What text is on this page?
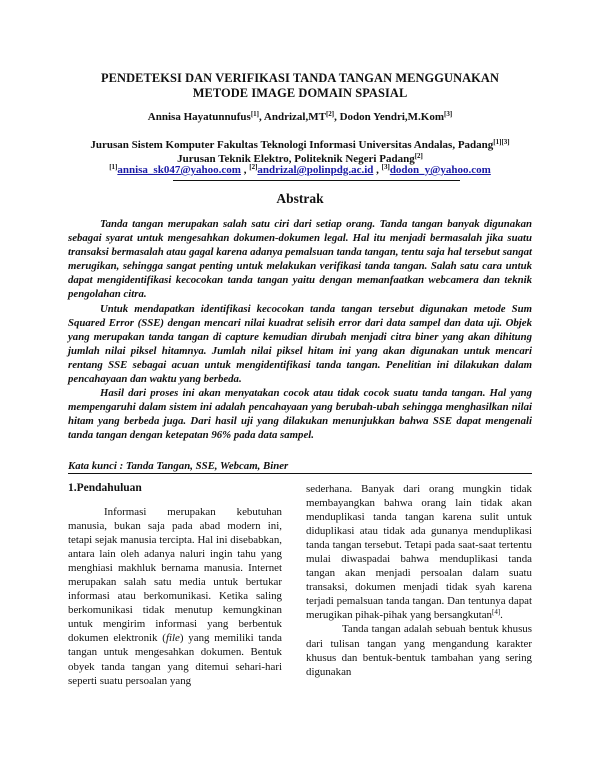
PENDETEKSI DAN VERIFIKASI TANDA TANGAN MENGGUNAKAN
METODE IMAGE DOMAIN SPASIAL
Annisa Hayatunnufus[1], Andrizal,MT[2], Dodon Yendri,M.Kom[3]
Jurusan Sistem Komputer Fakultas Teknologi Informasi Universitas Andalas, Padang[1][3]
Jurusan Teknik Elektro, Politeknik Negeri Padang[2]
[1]annisa_sk047@yahoo.com , [2]andrizal@polinpdg.ac.id , [3]dodon_y@yahoo.com
Abstrak

Tanda tangan merupakan salah satu ciri dari setiap orang. Tanda tangan banyak digunakan sebagai syarat untuk mengesahkan dokumen-dokumen legal. Hal itu menjadi bermasalah jika suatu transaksi bermasalah atau gagal karena adanya pemalsuan tanda tangan, tentu saja hal tersebut sangat merugikan, sehingga sangat penting untuk melakukan verifikasi tanda tangan. Salah satu cara untuk dapat mengidentifikasi kecocokan tanda tangan yaitu dengan memanfaatkan webcamera dan teknik pengolahan citra.

Untuk mendapatkan identifikasi kecocokan tanda tangan tersebut digunakan metode Sum Squared Error (SSE) dengan mencari nilai kuadrat selisih error dari data sampel dan data uji. Objek yang merupakan tanda tangan di capture kemudian dirubah menjadi citra biner yang akan dihitung jumlah nilai piksel hitamnya. Jumlah nilai piksel hitam ini yang akan digunakan untuk mencari rentang SSE sebagai acuan untuk mengidentifikasi tanda tangan. Penelitian ini dilakukan dalam pencahayaan dan waktu yang berbeda.

Hasil dari proses ini akan menyatakan cocok atau tidak cocok suatu tanda tangan. Hal yang mempengaruhi dalam sistem ini adalah pencahayaan yang berubah-ubah sehingga menghasilkan nilai hitam yang berbeda juga. Dari hasil uji yang dilakukan menunjukkan bahwa SSE dapat mengenali tanda tangan dengan ketepatan 96% pada data sampel.

Kata kunci : Tanda Tangan, SSE, Webcam, Biner
1.Pendahuluan

Informasi merupakan kebutuhan manusia, bukan saja pada abad modern ini, tetapi sejak manusia tercipta. Hal ini disebabkan, antara lain oleh adanya naluri ingin tahu yang menghiasi makhluk bernama manusia. Internet merupakan salah satu media untuk bertukar informasi atau berkomunikasi. Ketika saling berkomunikasi tidak menutup kemungkinan untuk mengirim informasi yang berbentuk dokumen elektronik (file) yang memiliki tanda tangan untuk mengesahkan dokumen. Bentuk obyek tanda tangan yang ditemui sehari-hari seperti suatu persoalan yang

sederhana. Banyak dari orang mungkin tidak membayangkan bahwa orang lain tidak akan menduplikasi tanda tangan karena sulit untuk diduplikasi atau tidak ada gunanya menduplikasi tanda tangan tersebut. Tetapi pada saat-saat tertentu mulai diwaspadai bahwa menduplikasi tanda tangan akan menjadi persoalan dalam suatu transaksi, dokumen menjadi tidak syah karena terjadi pemalsuan tanda tangan. Dan tentunya dapat merugikan pihak-pihak yang bersangkutan[4].

Tanda tangan adalah sebuah bentuk khusus dari tulisan tangan yang mengandung karakter khusus dan bentuk-bentuk tambahan yang sering digunakan
